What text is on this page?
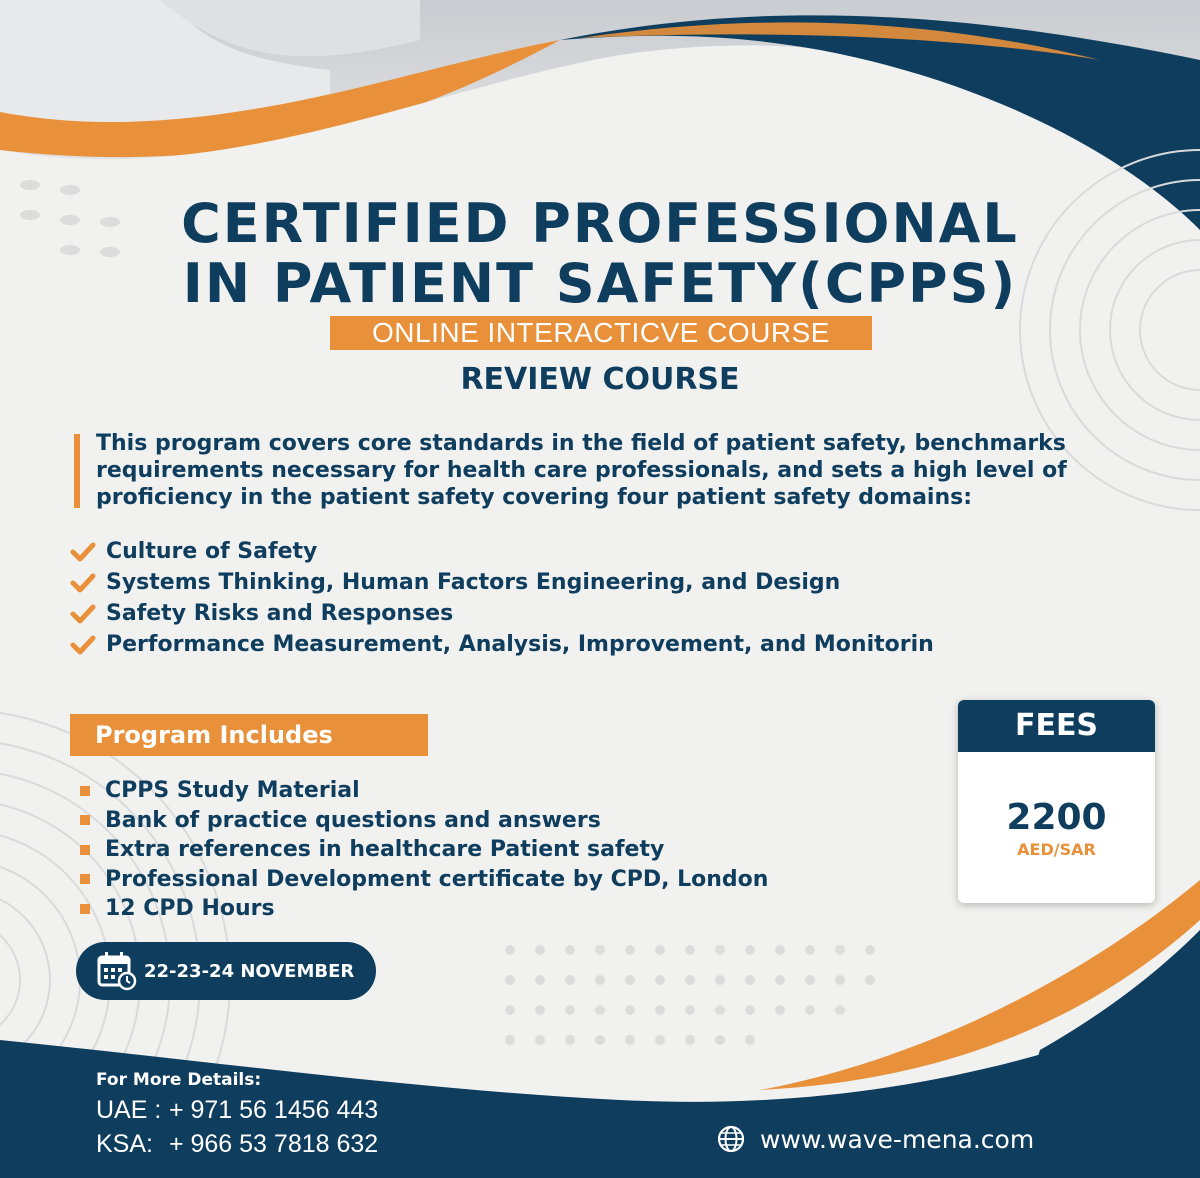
CERTIFIED PROFESSIONAL
IN PATIENT SAFETY(CPPS)
ONLINE INTERACTICVE COURSE
REVIEW COURSE
This program covers core standards in the field of patient safety, benchmarks requirements necessary for health care professionals, and sets a high level of proficiency in the patient safety covering four patient safety domains:
Culture of Safety
Systems Thinking, Human Factors Engineering, and Design
Safety Risks and Responses
Performance Measurement, Analysis, Improvement, and Monitorin
Program Includes
CPPS Study Material
Bank of practice questions and answers
Extra references in healthcare Patient safety
Professional Development certificate by CPD, London
12 CPD Hours
22-23-24 NOVEMBER
FEES
2200
AED/SAR
For More Details:
UAE : + 971 56 1456 443
KSA: + 966 53 7818 632	www.wave-mena.com
